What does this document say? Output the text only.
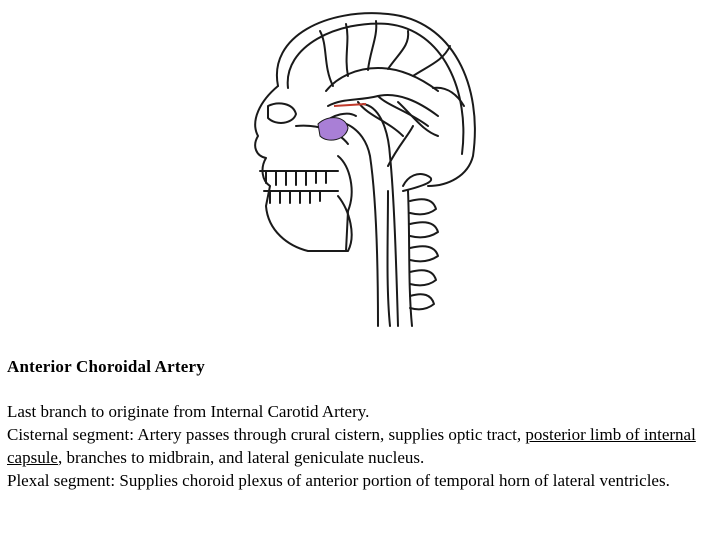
Anterior Choroidal Artery

Last branch to originate from Internal Carotid Artery.

Cisternal segment: Artery passes through crural cistern, supplies optic tract, posterior limb of internal capsule, branches to midbrain, and lateral geniculate nucleus.

Plexal segment: Supplies choroid plexus of anterior portion of temporal horn of lateral ventricles.
